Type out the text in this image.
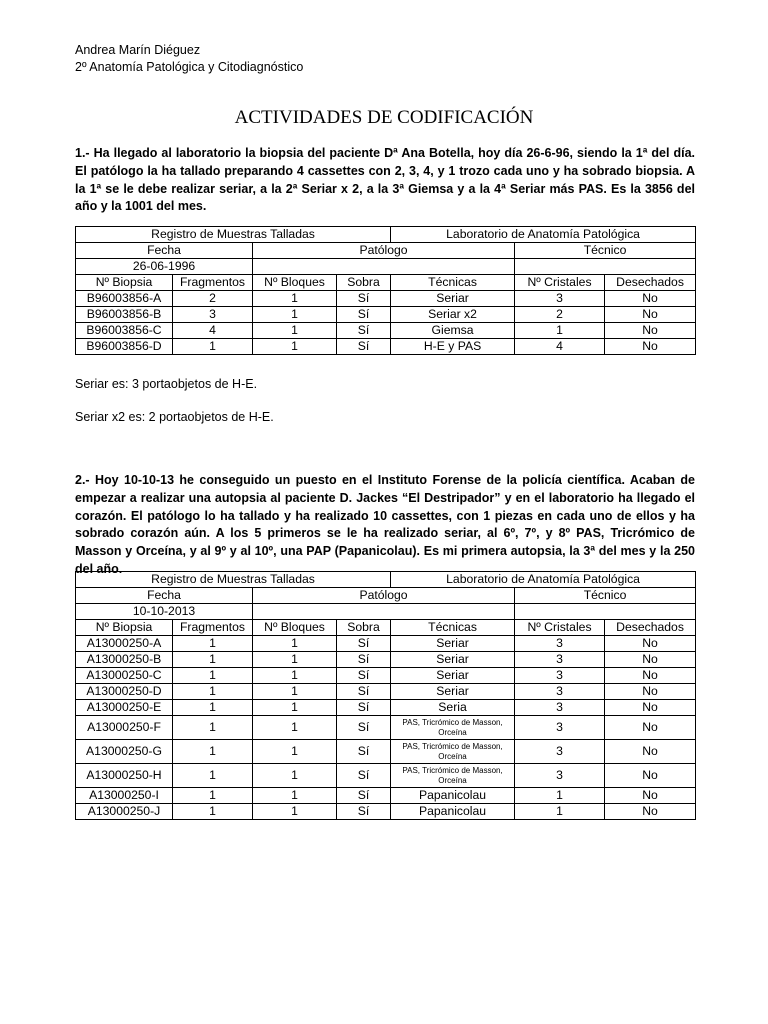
Andrea Marín Diéguez
2º Anatomía Patológica y Citodiagnóstico
ACTIVIDADES DE CODIFICACIÓN

1.- Ha llegado al laboratorio la biopsia del paciente Dª Ana Botella, hoy día 26-6-96, siendo la 1ª del día. El patólogo la ha tallado preparando 4 cassettes con 2, 3, 4, y 1 trozo cada uno y ha sobrado biopsia. A la 1ª se le debe realizar seriar, a la 2ª Seriar x 2, a la 3ª Giemsa y a la 4ª Seriar más PAS. Es la 3856 del año y la 1001 del mes.

Registro de Muestras Talladas				Laboratorio de Anatomía Patológica		
Fecha		Patólogo			Técnico	
26-06-1996						
Nº Biopsia	Fragmentos	Nº Bloques	Sobra	Técnicas	Nº Cristales	Desechados
B96003856-A	2	1	Sí	Seriar	3	No
B96003856-B	3	1	Sí	Seriar x2	2	No
B96003856-C	4	1	Sí	Giemsa	1	No
B96003856-D	1	1	Sí	H-E y PAS	4	No
Seriar es: 3 portaobjetos de H-E.
Seriar x2 es: 2 portaobjetos de H-E.

2.- Hoy 10-10-13 he conseguido un puesto en el Instituto Forense de la policía científica. Acaban de empezar a realizar una autopsia al paciente D. Jackes “El Destripador” y en el laboratorio ha llegado el corazón. El patólogo lo ha tallado y ha realizado 10 cassettes, con 1 piezas en cada uno de ellos y ha sobrado corazón aún. A los 5 primeros se le ha realizado seriar, al 6º, 7º, y 8º PAS, Tricrómico de Masson y Orceína, y al 9º y al 10º, una PAP (Papanicolau). Es mi primera autopsia, la 3ª del mes y la 250 del año.

Registro de Muestras Talladas				Laboratorio de Anatomía Patológica		
Fecha		Patólogo			Técnico	
10-10-2013						
Nº Biopsia	Fragmentos	Nº Bloques	Sobra	Técnicas	Nº Cristales	Desechados
A13000250-A	1	1	Sí	Seriar	3	No
A13000250-B	1	1	Sí	Seriar	3	No
A13000250-C	1	1	Sí	Seriar	3	No
A13000250-D	1	1	Sí	Seriar	3	No
A13000250-E	1	1	Sí	Seria	3	No
A13000250-F	1	1	Sí	PAS, Tricrómico de Masson, Orceína	3	No
A13000250-G	1	1	Sí	PAS, Tricrómico de Masson, Orceína	3	No
A13000250-H	1	1	Sí	PAS, Tricrómico de Masson, Orceína	3	No
A13000250-I	1	1	Sí	Papanicolau	1	No
A13000250-J	1	1	Sí	Papanicolau	1	No
